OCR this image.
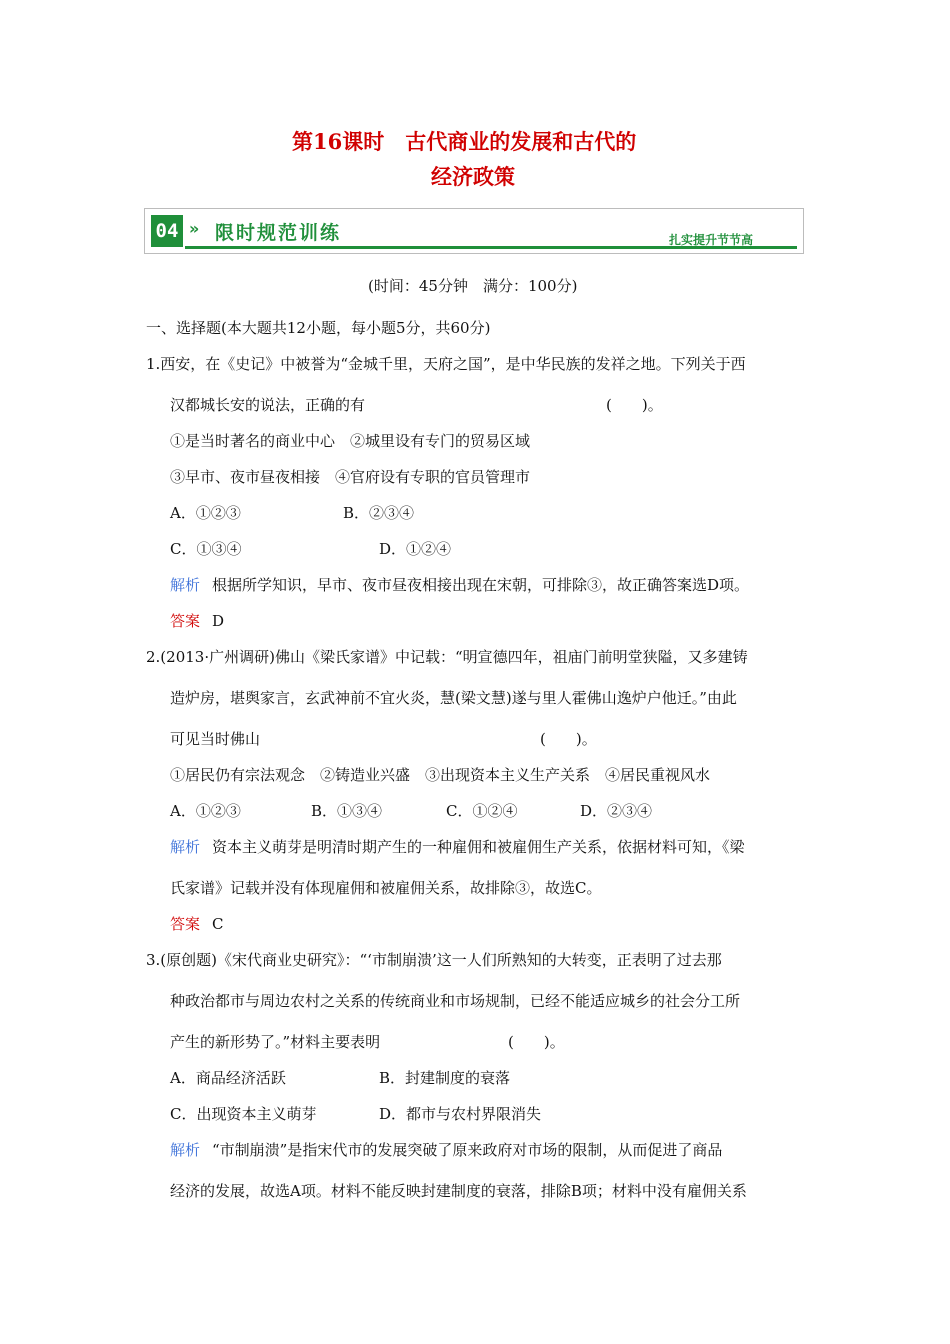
第16课时　古代商业的发展和古代的
经济政策
04 » 限时规范训练	扎实提升节节高
(时间：45分钟　满分：100分)
一、选择题(本大题共12小题，每小题5分，共60分)
1.西安，在《史记》中被誉为“金城千里，天府之国”，是中华民族的发祥之地。下列关于西
汉都城长安的说法，正确的有	(　　)。
①是当时著名的商业中心　②城里设有专门的贸易区域
③早市、夜市昼夜相接　④官府设有专职的官员管理市
A．①②③	B．②③④
C．①③④	D．①②④
解析 根据所学知识，早市、夜市昼夜相接出现在宋朝，可排除③，故正确答案选D项。
答案 D
2.(2013·广州调研)佛山《梁氏家谱》中记载：“明宣德四年，祖庙门前明堂狭隘，又多建铸
造炉房，堪舆家言，玄武神前不宜火炎，慧(梁文慧)遂与里人霍佛山逸炉户他迁。”由此
可见当时佛山	(　　)。
①居民仍有宗法观念　②铸造业兴盛　③出现资本主义生产关系　④居民重视风水
A．①②③	B．①③④	C．①②④	D．②③④
解析 资本主义萌芽是明清时期产生的一种雇佣和被雇佣生产关系，依据材料可知，《梁
氏家谱》记载并没有体现雇佣和被雇佣关系，故排除③，故选C。
答案 C
3.(原创题)《宋代商业史研究》：“‘市制崩溃’这一人们所熟知的大转变，正表明了过去那
种政治都市与周边农村之关系的传统商业和市场规制，已经不能适应城乡的社会分工所
产生的新形势了。”材料主要表明	(　　)。
A．商品经济活跃	B．封建制度的衰落
C．出现资本主义萌芽	D．都市与农村界限消失
解析 “市制崩溃”是指宋代市的发展突破了原来政府对市场的限制，从而促进了商品
经济的发展，故选A项。材料不能反映封建制度的衰落，排除B项；材料中没有雇佣关系
